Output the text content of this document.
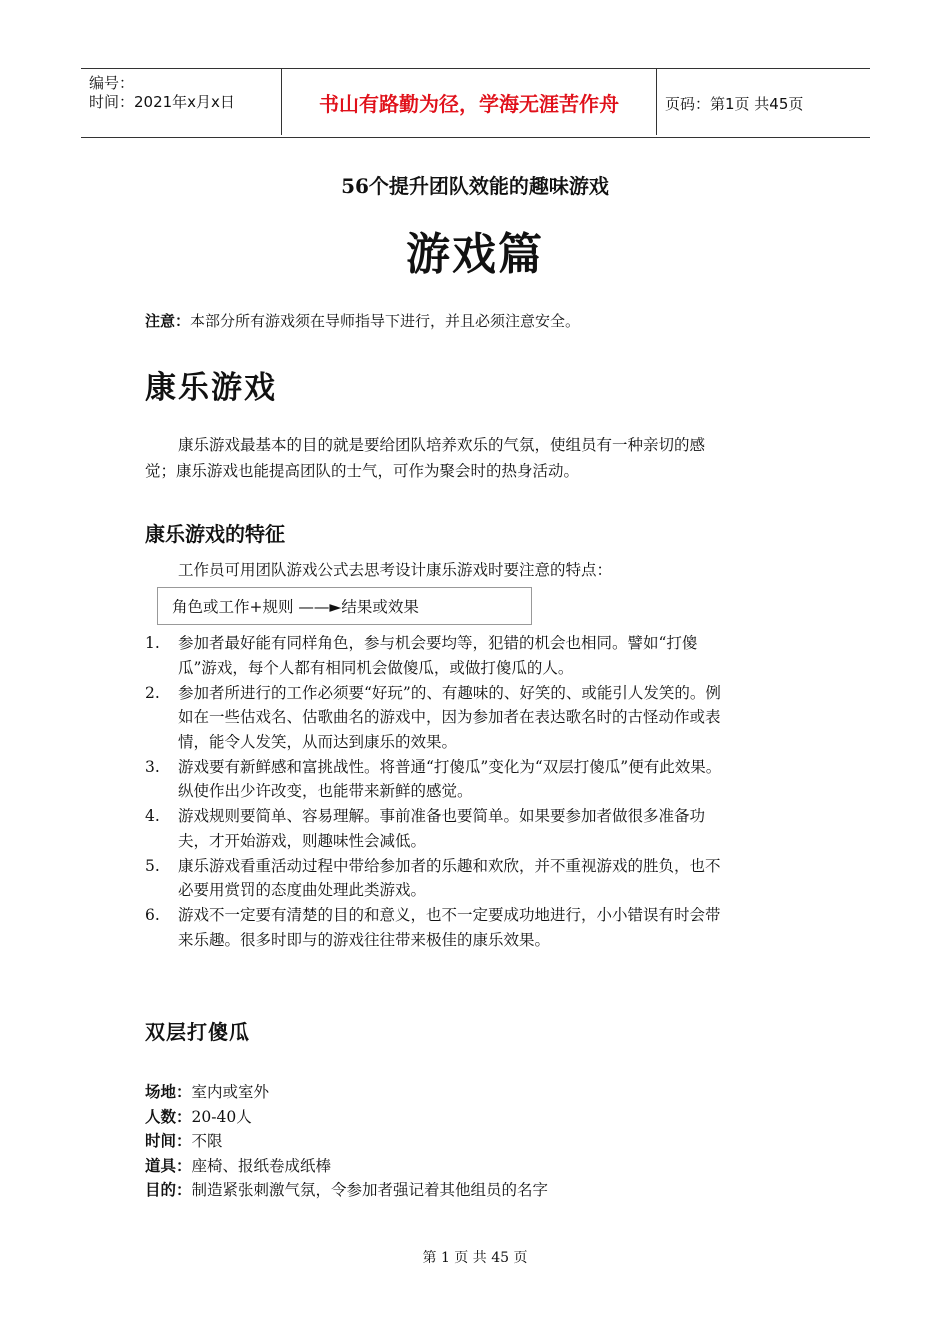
编号：
时间：2021年x月x日	书山有路勤为径，学海无涯苦作舟	页码：第1页 共45页
56个提升团队效能的趣味游戏
游戏篇
注意：本部分所有游戏须在导师指导下进行，并且必须注意安全。
康乐游戏
康乐游戏最基本的目的就是要给团队培养欢乐的气氛，使组员有一种亲切的感觉；康乐游戏也能提高团队的士气，可作为聚会时的热身活动。
康乐游戏的特征
工作员可用团队游戏公式去思考设计康乐游戏时要注意的特点：
角色或工作+规则 ——►结果或效果
1. 参加者最好能有同样角色，参与机会要均等，犯错的机会也相同。譬如“打傻瓜”游戏，每个人都有相同机会做傻瓜，或做打傻瓜的人。
2. 参加者所进行的工作必须要“好玩”的、有趣味的、好笑的、或能引人发笑的。例如在一些估戏名、估歌曲名的游戏中，因为参加者在表达歌名时的古怪动作或表情，能令人发笑，从而达到康乐的效果。
3. 游戏要有新鲜感和富挑战性。将普通“打傻瓜”变化为“双层打傻瓜”便有此效果。纵使作出少许改变，也能带来新鲜的感觉。
4. 游戏规则要简单、容易理解。事前准备也要简单。如果要参加者做很多准备功夫，才开始游戏，则趣味性会减低。
5. 康乐游戏看重活动过程中带给参加者的乐趣和欢欣，并不重视游戏的胜负，也不必要用赏罚的态度曲处理此类游戏。
6. 游戏不一定要有清楚的目的和意义，也不一定要成功地进行，小小错误有时会带来乐趣。很多时即与的游戏往往带来极佳的康乐效果。
双层打傻瓜
场地：室内或室外
人数：20-40人
时间：不限
道具：座椅、报纸卷成纸棒
目的：制造紧张刺激气氛，令参加者强记着其他组员的名字
第 1 页 共 45 页
